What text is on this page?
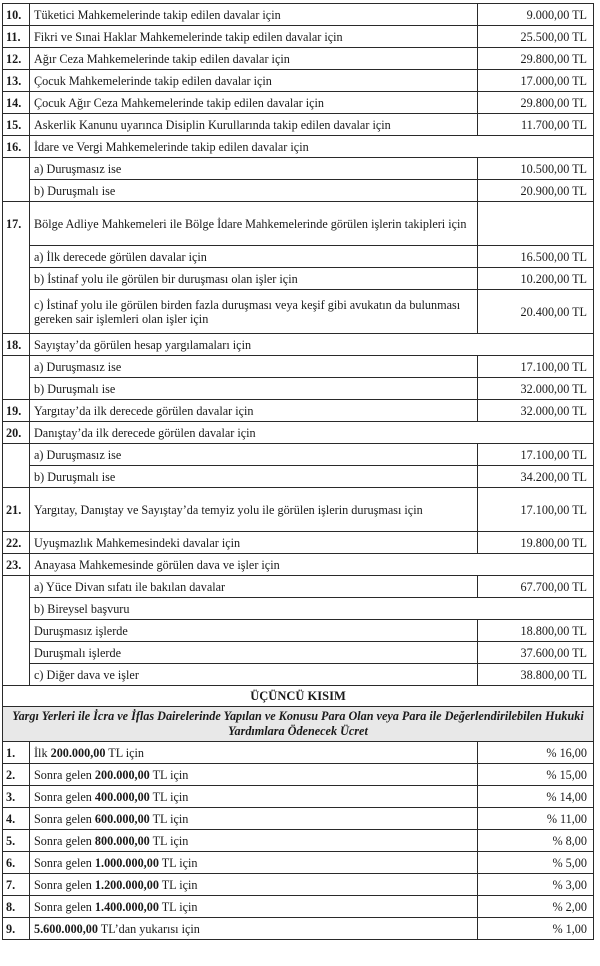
10.	Tüketici Mahkemelerinde takip edilen davalar için	9.000,00 TL
11.	Fikri ve Sınai Haklar Mahkemelerinde takip edilen davalar için	25.500,00 TL
12.	Ağır Ceza Mahkemelerinde takip edilen davalar için	29.800,00 TL
13.	Çocuk Mahkemelerinde takip edilen davalar için	17.000,00 TL
14.	Çocuk Ağır Ceza Mahkemelerinde takip edilen davalar için	29.800,00 TL
15.	Askerlik Kanunu uyarınca Disiplin Kurullarında takip edilen davalar için	11.700,00 TL
16.	İdare ve Vergi Mahkemelerinde takip edilen davalar için	
	a) Duruşmasız ise	10.500,00 TL
	b) Duruşmalı ise	20.900,00 TL
17.	Bölge Adliye Mahkemeleri ile Bölge İdare Mahkemelerinde görülen işlerin takipleri için	
	a) İlk derecede görülen davalar için	16.500,00 TL
	b) İstinaf yolu ile görülen bir duruşması olan işler için	10.200,00 TL
	c) İstinaf yolu ile görülen birden fazla duruşması veya keşif gibi avukatın da bulunması gereken sair işlemleri olan işler için	20.400,00 TL
18.	Sayıştay’da görülen hesap yargılamaları için	
	a) Duruşmasız ise	17.100,00 TL
	b) Duruşmalı ise	32.000,00 TL
19.	Yargıtay’da ilk derecede görülen davalar için	32.000,00 TL
20.	Danıştay’da ilk derecede görülen davalar için	
	a) Duruşmasız ise	17.100,00 TL
	b) Duruşmalı ise	34.200,00 TL
21.	Yargıtay, Danıştay ve Sayıştay’da temyiz yolu ile görülen işlerin duruşması için	17.100,00 TL
22.	Uyuşmazlık Mahkemesindeki davalar için	19.800,00 TL
23.	Anayasa Mahkemesinde görülen dava ve işler için	
	a) Yüce Divan sıfatı ile bakılan davalar	67.700,00 TL
	b) Bireysel başvuru	
	Duruşmasız işlerde	18.800,00 TL
	Duruşmalı işlerde	37.600,00 TL
	c) Diğer dava ve işler	38.800,00 TL
ÜÇÜNCÜ KISIM		
Yargı Yerleri ile İcra ve İflas Dairelerinde Yapılan ve Konusu Para Olan veya Para ile Değerlendirilebilen Hukuki Yardımlara Ödenecek Ücret		
1.	İlk 200.000,00 TL için	% 16,00
2.	Sonra gelen 200.000,00 TL için	% 15,00
3.	Sonra gelen 400.000,00 TL için	% 14,00
4.	Sonra gelen 600.000,00 TL için	% 11,00
5.	Sonra gelen 800.000,00 TL için	% 8,00
6.	Sonra gelen 1.000.000,00 TL için	% 5,00
7.	Sonra gelen 1.200.000,00 TL için	% 3,00
8.	Sonra gelen 1.400.000,00 TL için	% 2,00
9.	5.600.000,00 TL’dan yukarısı için	% 1,00
